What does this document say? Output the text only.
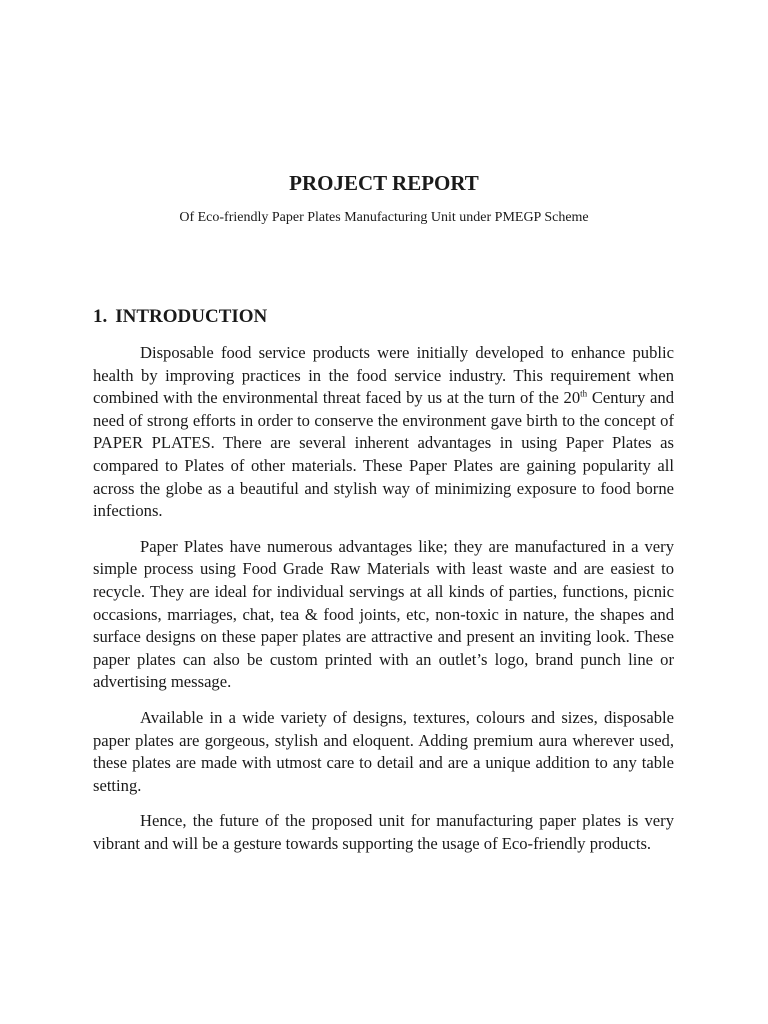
PROJECT REPORT

Of Eco-friendly Paper Plates Manufacturing Unit under PMEGP Scheme

1. INTRODUCTION

Disposable food service products were initially developed to enhance public health by improving practices in the food service industry. This requirement when combined with the environmental threat faced by us at the turn of the 20th Century and need of strong efforts in order to conserve the environment gave birth to the concept of PAPER PLATES. There are several inherent advantages in using Paper Plates as compared to Plates of other materials. These Paper Plates are gaining popularity all across the globe as a beautiful and stylish way of minimizing exposure to food borne infections.

Paper Plates have numerous advantages like; they are manufactured in a very simple process using Food Grade Raw Materials with least waste and are easiest to recycle. They are ideal for individual servings at all kinds of parties, functions, picnic occasions, marriages, chat, tea & food joints, etc, non-toxic in nature, the shapes and surface designs on these paper plates are attractive and present an inviting look. These paper plates can also be custom printed with an outlet’s logo, brand punch line or advertising message.

Available in a wide variety of designs, textures, colours and sizes, disposable paper plates are gorgeous, stylish and eloquent. Adding premium aura wherever used, these plates are made with utmost care to detail and are a unique addition to any table setting.

Hence, the future of the proposed unit for manufacturing paper plates is very vibrant and will be a gesture towards supporting the usage of Eco-friendly products.
